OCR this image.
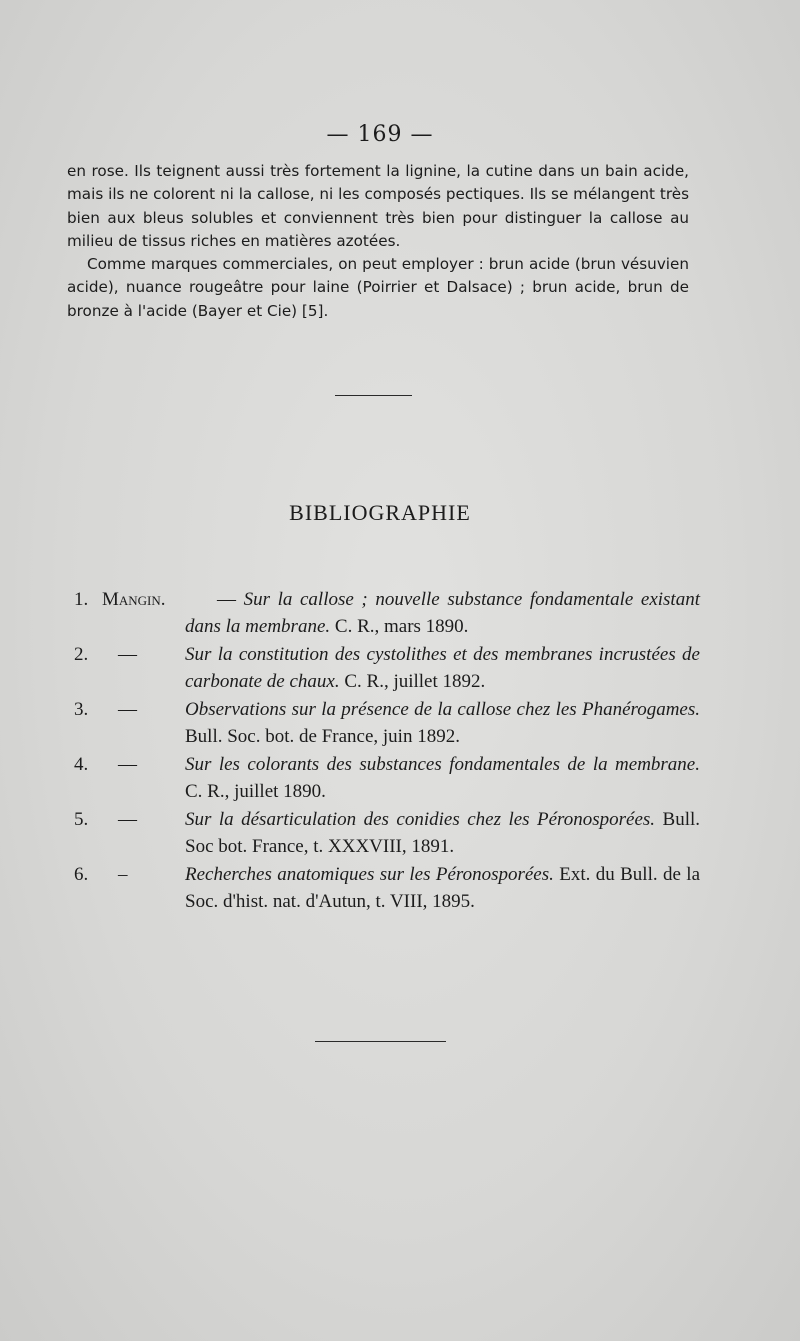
— 169 —

en rose. Ils teignent aussi très fortement la lignine, la cutine dans un bain acide, mais ils ne colorent ni la callose, ni les composés pectiques. Ils se mélangent très bien aux bleus solubles et conviennent très bien pour distinguer la callose au milieu de tissus riches en matières azotées.

Comme marques commerciales, on peut employer : brun acide (brun vésuvien acide), nuance rougeâtre pour laine (Poirrier et Dalsace) ; brun acide, brun de bronze à l'acide (Bayer et Cie) [5].

BIBLIOGRAPHIE
1. Mangin.	— Sur la callose ; nouvelle substance fondamentale existant dans la membrane. C. R., mars 1890.
2. —	Sur la constitution des cystolithes et des membranes incrustées de carbonate de chaux. C. R., juillet 1892.
3. —	Observations sur la présence de la callose chez les Phanérogames. Bull. Soc. bot. de France, juin 1892.
4. —	Sur les colorants des substances fondamentales de la membrane. C. R., juillet 1890.
5. —	Sur la désarticulation des conidies chez les Péronosporées. Bull. Soc bot. France, t. XXXVIII, 1891.
6. –	Recherches anatomiques sur les Péronosporées. Ext. du Bull. de la Soc. d'hist. nat. d'Autun, t. VIII, 1895.
